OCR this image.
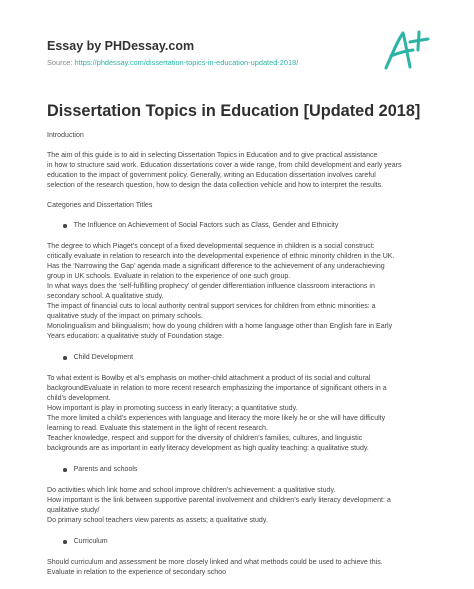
Essay by PHDessay.com
Source: https://phdessay.com/dissertation-topics-in-education-updated-2018/
Dissertation Topics in Education [Updated 2018]

Introduction

The aim of this guide is to aid in selecting Dissertation Topics in Education and to give practical assistance
in how to structure said work. Education dissertations cover a wide range, from child development and early years
education to the impact of government policy. Generally, writing an Education dissertation involves careful
selection of the research question, how to design the data collection vehicle and how to interpret the results.

Categories and Dissertation Titles

The Influence on Achievement of Social Factors such as Class, Gender and Ethnicity
The degree to which Piaget’s concept of a fixed developmental sequence in children is a social construct:
critically evaluate in relation to research into the developmental experience of ethnic minority children in the UK.
Has the ‘Narrowing the Gap’ agenda made a significant difference to the achievement of any underachieving
group in UK schools. Evaluate in relation to the experience of one such group.
In what ways does the ‘self-fulfilling prophecy’ of gender differentiation influence classroom interactions in
secondary school. A qualitative study.
The impact of financial cuts to local authority central support services for children from ethnic minorities: a
qualitative study of the impact on primary schools.
Monolingualism and bilingualism; how do young children with a home language other than English fare in Early
Years education: a qualitative study of Foundation stage.
Child Development
To what extent is Bowlby et al’s emphasis on mother-child attachment a product of its social and cultural
backgroundEvaluate in relation to more recent research emphasizing the importance of significant others in a
child’s development.
How important is play in promoting success in early literacy; a quantitative study.
The more limited a child’s experiences with language and literacy the more likely he or she will have difficulty
learning to read. Evaluate this statement in the light of recent research.
Teacher knowledge, respect and support for the diversity of children’s families, cultures, and linguistic
backgrounds are as important in early literacy development as high quality teaching: a qualitative study.
Parents and schools
Do activities which link home and school improve children’s achievement: a qualitative study.
How important is the link between supportive parental involvement and children’s early literacy development: a
qualitative study/
Do primary school teachers view parents as assets; a qualitative study.
Curriculum
Should curriculum and assessment be more closely linked and what methods could be used to achieve this.
Evaluate in relation to the experience of secondary schoo
